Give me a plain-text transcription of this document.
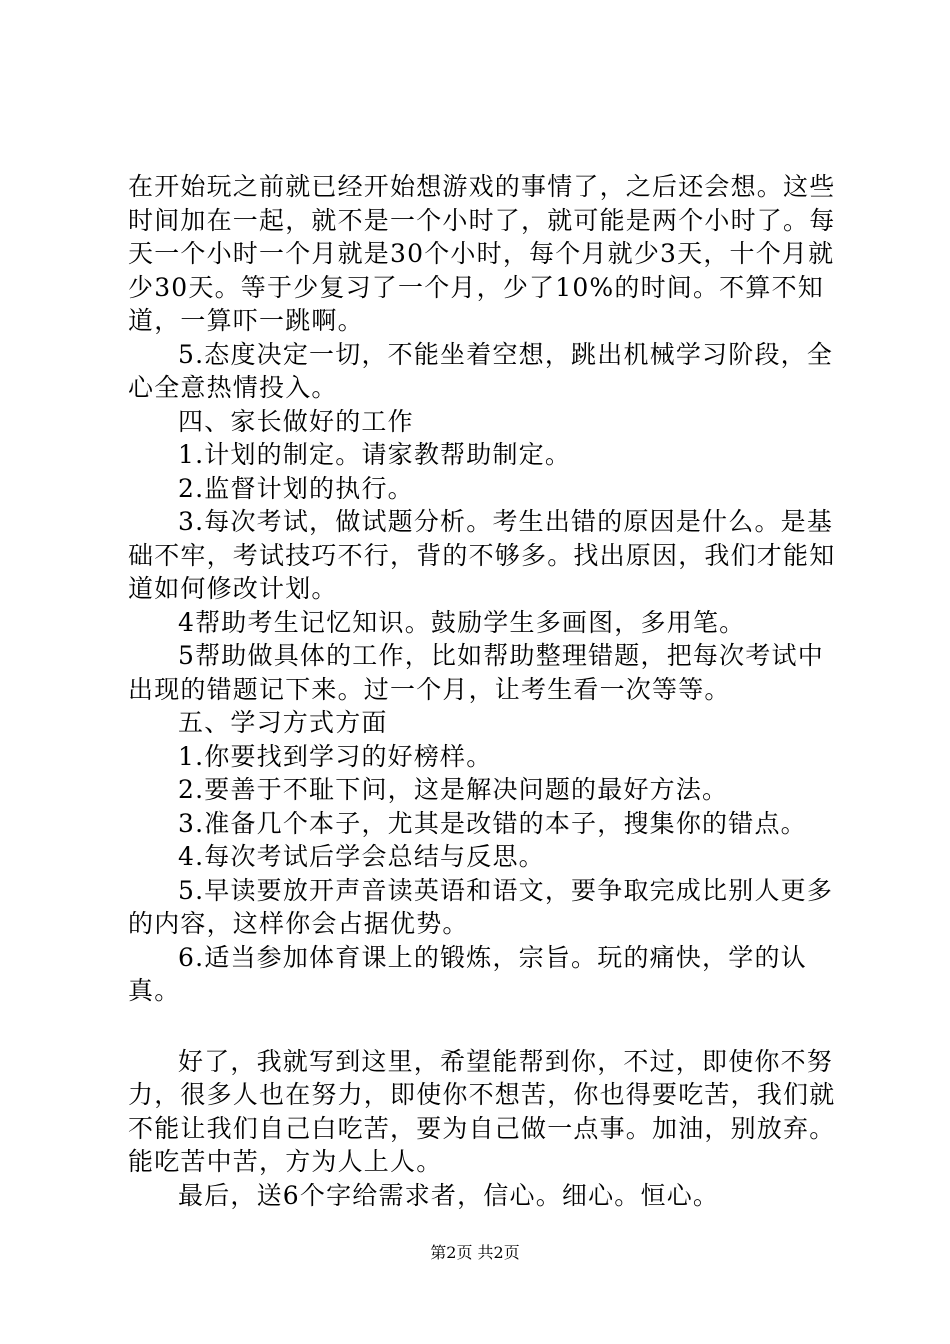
在开始玩之前就已经开始想游戏的事情了，之后还会想。这些时间加在一起，就不是一个小时了，就可能是两个小时了。每天一个小时一个月就是30个小时，每个月就少3天，十个月就少30天。等于少复习了一个月，少了10%的时间。不算不知道，一算吓一跳啊。

5.态度决定一切，不能坐着空想，跳出机械学习阶段，全心全意热情投入。

四、家长做好的工作

1.计划的制定。请家教帮助制定。

2.监督计划的执行。

3.每次考试，做试题分析。考生出错的原因是什么。是基础不牢，考试技巧不行，背的不够多。找出原因，我们才能知道如何修改计划。

4帮助考生记忆知识。鼓励学生多画图，多用笔。

5帮助做具体的工作，比如帮助整理错题，把每次考试中出现的错题记下来。过一个月，让考生看一次等等。

五、学习方式方面

1.你要找到学习的好榜样。

2.要善于不耻下问，这是解决问题的最好方法。

3.准备几个本子，尤其是改错的本子，搜集你的错点。

4.每次考试后学会总结与反思。

5.早读要放开声音读英语和语文，要争取完成比别人更多的内容，这样你会占据优势。

6.适当参加体育课上的锻炼，宗旨。玩的痛快，学的认真。

好了，我就写到这里，希望能帮到你，不过，即使你不努力，很多人也在努力，即使你不想苦，你也得要吃苦，我们就不能让我们自己白吃苦，要为自己做一点事。加油，别放弃。能吃苦中苦，方为人上人。

最后，送6个字给需求者，信心。细心。恒心。

第2页 共2页
